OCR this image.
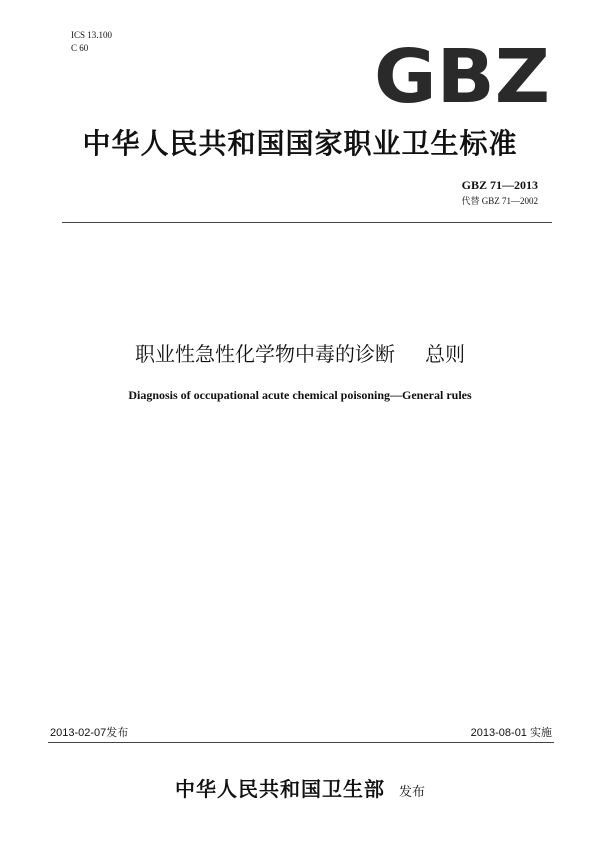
ICS 13.100
C 60	GBZ
中华人民共和国国家职业卫生标准
GBZ 71—2013
代替 GBZ 71—2002
职业性急性化学物中毒的诊断 总则
Diagnosis of occupational acute chemical poisoning—General rules
2013-02-07发布	2013-08-01 实施
中华人民共和国卫生部 发布
